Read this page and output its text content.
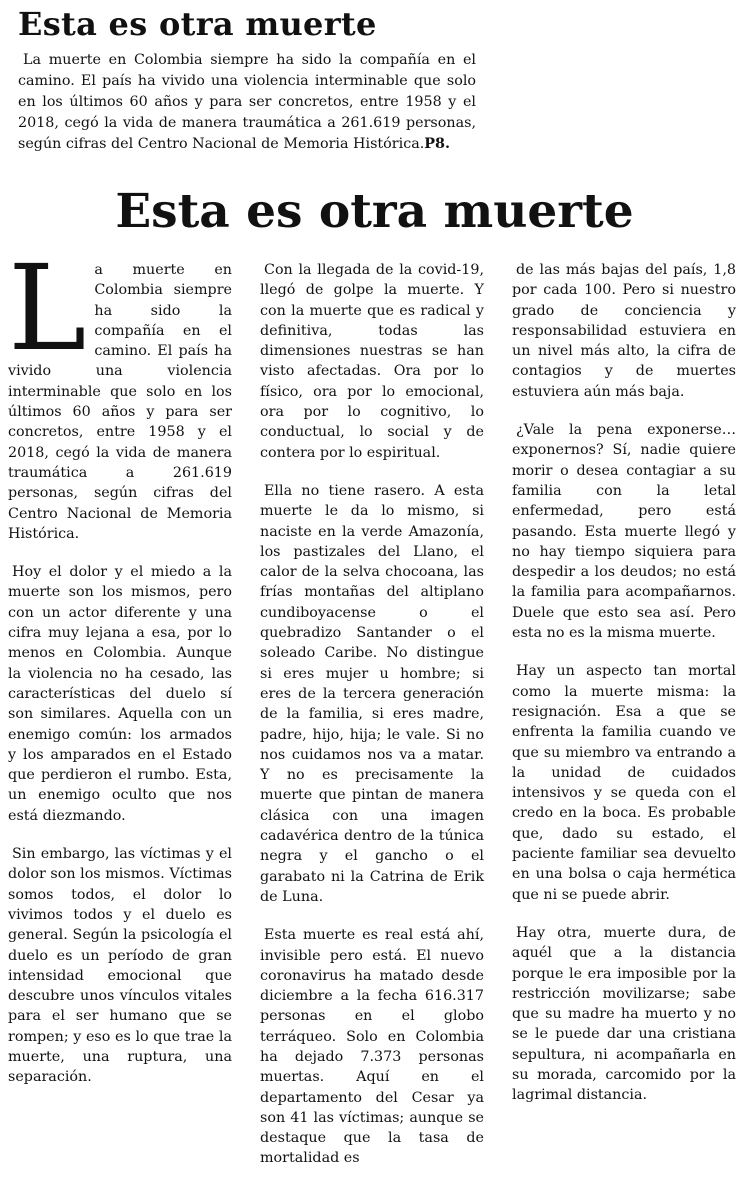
Esta es otra muerte

La muerte en Colombia siempre ha sido la compañía en el camino. El país ha vivido una violencia interminable que solo en los últimos 60 años y para ser concretos, entre 1958 y el 2018, cegó la vida de manera traumática a 261.619 personas, según cifras del Centro Nacional de Memoria Histórica.P8.

Esta es otra muerte

La muerte en Colombia siempre ha sido la compañía en el camino. El país ha vivido una violencia interminable que solo en los últimos 60 años y para ser concretos, entre 1958 y el 2018, cegó la vida de manera traumática a 261.619 personas, según cifras del Centro Nacional de Memoria Histórica.

Hoy el dolor y el miedo a la muerte son los mismos, pero con un actor diferente y una cifra muy lejana a esa, por lo menos en Colombia. Aunque la violencia no ha cesado, las características del duelo sí son similares. Aquella con un enemigo común: los armados y los amparados en el Estado que perdieron el rumbo. Esta, un enemigo oculto que nos está diezmando.

Sin embargo, las víctimas y el dolor son los mismos. Víctimas somos todos, el dolor lo vivimos todos y el duelo es general. Según la psicología el duelo es un período de gran intensidad emocional que descubre unos vínculos vitales para el ser humano que se rompen; y eso es lo que trae la muerte, una ruptura, una separación.

Con la llegada de la covid-19, llegó de golpe la muerte. Y con la muerte que es radical y definitiva, todas las dimensiones nuestras se han visto afectadas. Ora por lo físico, ora por lo emocional, ora por lo cognitivo, lo conductual, lo social y de contera por lo espiritual.

Ella no tiene rasero. A esta muerte le da lo mismo, si naciste en la verde Amazonía, los pastizales del Llano, el calor de la selva chocoana, las frías montañas del altiplano cundiboyacense o el quebradizo Santander o el soleado Caribe. No distingue si eres mujer u hombre; si eres de la tercera generación de la familia, si eres madre, padre, hijo, hija; le vale. Si no nos cuidamos nos va a matar. Y no es precisamente la muerte que pintan de manera clásica con una imagen cadavérica dentro de la túnica negra y el gancho o el garabato ni la Catrina de Erik de Luna.

Esta muerte es real está ahí, invisible pero está. El nuevo coronavirus ha matado desde diciembre a la fecha 616.317 personas en el globo terráqueo. Solo en Colombia ha dejado 7.373 personas muertas. Aquí en el departamento del Cesar ya son 41 las víctimas; aunque se destaque que la tasa de mortalidad es

de las más bajas del país, 1,8 por cada 100. Pero si nuestro grado de conciencia y responsabilidad estuviera en un nivel más alto, la cifra de contagios y de muertes estuviera aún más baja.

¿Vale la pena exponerse… exponernos? Sí, nadie quiere morir o desea contagiar a su familia con la letal enfermedad, pero está pasando. Esta muerte llegó y no hay tiempo siquiera para despedir a los deudos; no está la familia para acompañarnos. Duele que esto sea así. Pero esta no es la misma muerte.

Hay un aspecto tan mortal como la muerte misma: la resignación. Esa a que se enfrenta la familia cuando ve que su miembro va entrando a la unidad de cuidados intensivos y se queda con el credo en la boca. Es probable que, dado su estado, el paciente familiar sea devuelto en una bolsa o caja hermética que ni se puede abrir.

Hay otra, muerte dura, de aquél que a la distancia porque le era imposible por la restricción movilizarse; sabe que su madre ha muerto y no se le puede dar una cristiana sepultura, ni acompañarla en su morada, carcomido por la lagrimal distancia.
